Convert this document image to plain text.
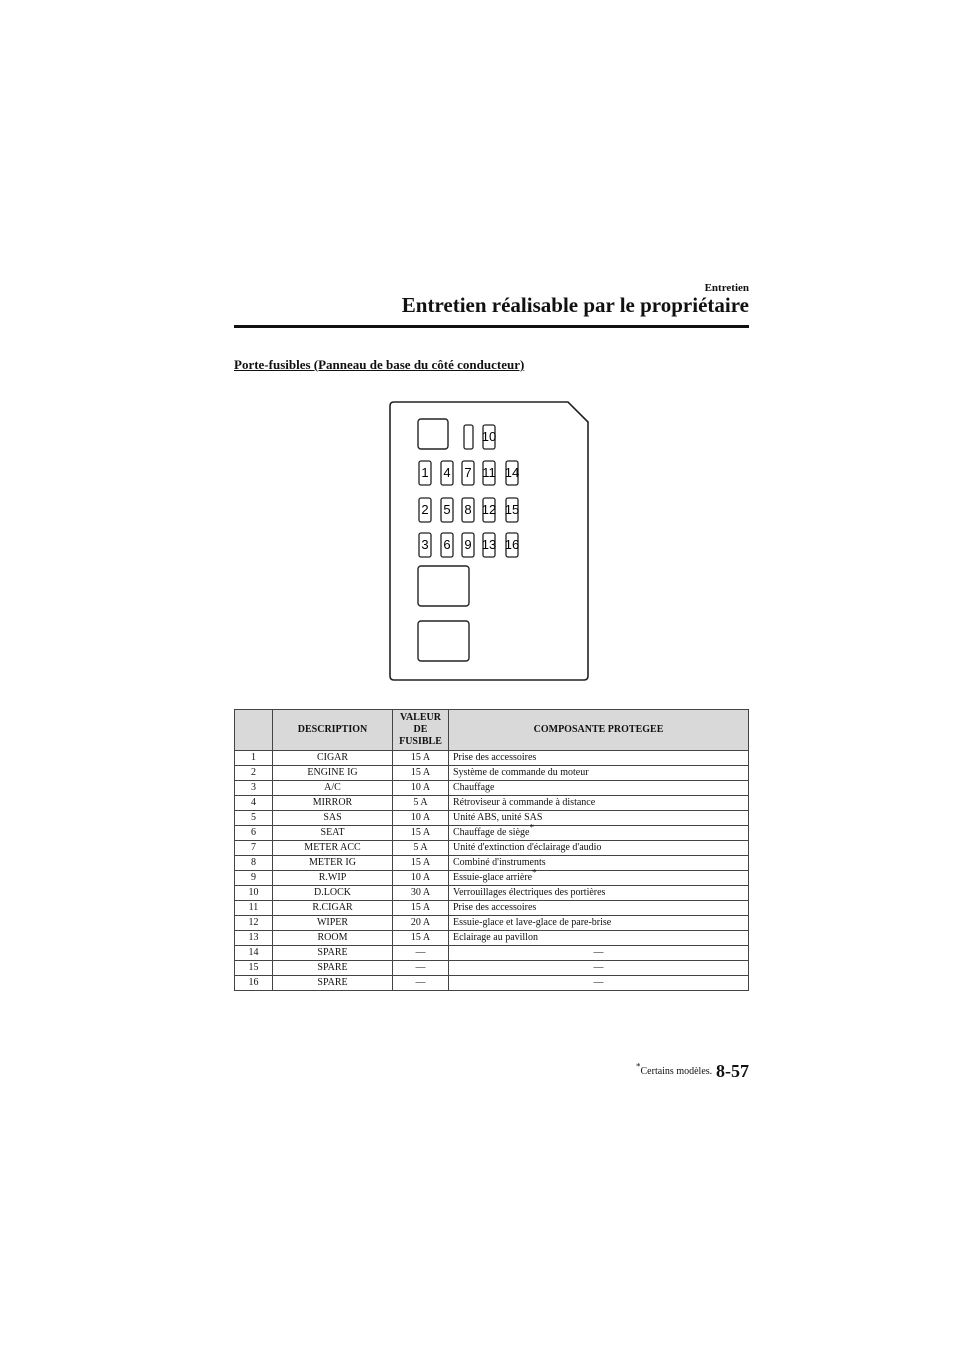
Entretien
Entretien réalisable par le propriétaire
Porte-fusibles (Panneau de base du côté conducteur)
1
2
3
4
5
6
7
8
9
10
11
12
13
14
15
16
	DESCRIPTION	VALEUR
DE
FUSIBLE	COMPOSANTE PROTEGEE
1	CIGAR	15 A	Prise des accessoires
2	ENGINE IG	15 A	Système de commande du moteur
3	A/C	10 A	Chauffage
4	MIRROR	5 A	Rétroviseur à commande à distance
5	SAS	10 A	Unité ABS, unité SAS
6	SEAT	15 A	Chauffage de siège*
7	METER ACC	5 A	Unité d'extinction d'éclairage d'audio
8	METER IG	15 A	Combiné d'instruments
9	R.WIP	10 A	Essuie-glace arrière*
10	D.LOCK	30 A	Verrouillages électriques des portières
11	R.CIGAR	15 A	Prise des accessoires
12	WIPER	20 A	Essuie-glace et lave-glace de pare-brise
13	ROOM	15 A	Eclairage au pavillon
14	SPARE	—	—
15	SPARE	—	—
16	SPARE	—	—
*Certains modèles. 8-57
